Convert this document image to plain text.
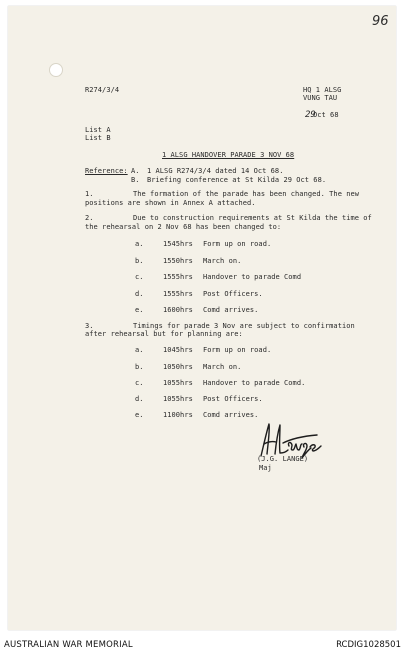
96
R274/3/4	HQ 1 ALSG
VUNG TAU
Oct 68
29
List A
List B
1 ALSG HANDOVER PARADE 3 NOV 68
Reference: A. 1 ALSG R274/3/4 dated 14 Oct 68.
B. Briefing conference at St Kilda 29 Oct 68.
1.	The formation of the parade has been changed. The new
positions are shown in Annex A attached.
2.	Due to construction requirements at St Kilda the time of
the rehearsal on 2 Nov 68 has been changed to:
a.	1545hrs Form up on road.
b.	1550hrs March on.
c.	1555hrs Handover to parade Comd
d.	1555hrs Post Officers.
e.	1600hrs Comd arrives.
3.	Timings for parade 3 Nov are subject to confirmation
after rehearsal but for planning are:
a.	1045hrs Form up on road.
b.	1050hrs March on.
c.	1055hrs Handover to parade Comd.
d.	1055hrs Post Officers.
e.	1100hrs Comd arrives.
(J.G. LANGE)
Maj
AUSTRALIAN WAR MEMORIAL	RCDIG1028501
